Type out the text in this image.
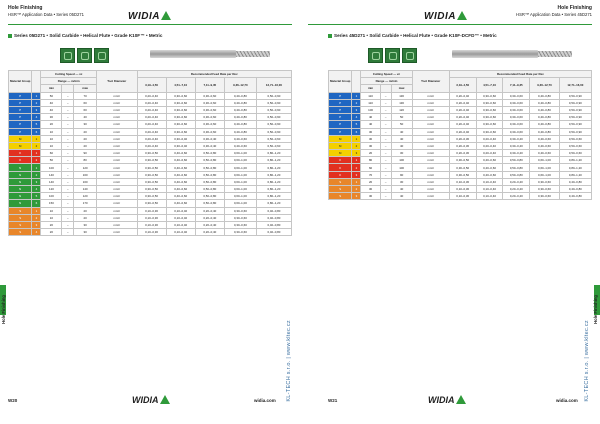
Hole Finishing
HSR™ Application Data • Series 05D271	WIDIA
Series 05D271 • Solid Carbide • Helical Flute • Grade K10F™ • Metric
Material Group		Cutting Speed — vc			Tool Diameter	Recommended Feed Rate per Rev				
		Range — m/min				3,19–4,50	4,51–7,10	7,11–9,35	9,36–12,70	12,71–16,00
		min		max						
P	1	50	–	70	mm/r	0,20–0,40	0,30–0,60	0,30–0,60	0,40–0,80	0,50–0,90
P	2	40	–	60	mm/r	0,20–0,40	0,30–0,60	0,30–0,60	0,40–0,80	0,50–0,90
P	3	40	–	60	mm/r	0,20–0,40	0,30–0,60	0,30–0,60	0,40–0,80	0,50–0,90
P	4	30	–	40	mm/r	0,20–0,40	0,30–0,60	0,30–0,60	0,40–0,80	0,50–0,90
P	5	20	–	30	mm/r	0,20–0,40	0,30–0,60	0,30–0,60	0,40–0,80	0,50–0,90
P	6	10	–	20	mm/r	0,20–0,40	0,30–0,60	0,30–0,60	0,40–0,80	0,50–0,90
M	1	10	–	20	mm/r	0,20–0,40	0,30–0,40	0,30–0,40	0,40–0,60	0,50–0,60
M	2	10	–	20	mm/r	0,20–0,40	0,30–0,40	0,30–0,40	0,40–0,60	0,50–0,60
K	1	60	–	90	mm/r	0,30–0,50	0,40–0,60	0,50–0,80	0,60–1,00	0,80–1,20
K	2	50	–	80	mm/r	0,30–0,50	0,40–0,60	0,50–0,80	0,60–1,00	0,80–1,20
N	1	100	–	120	mm/r	0,30–0,50	0,40–0,60	0,50–0,80	0,60–1,00	0,80–1,20
N	2	140	–	160	mm/r	0,30–0,50	0,40–0,60	0,50–0,80	0,60–1,00	0,80–1,20
N	3	140	–	160	mm/r	0,30–0,50	0,40–0,60	0,50–0,80	0,60–1,00	0,80–1,20
N	4	120	–	140	mm/r	0,30–0,50	0,40–0,60	0,50–0,80	0,60–1,00	0,80–1,20
N	5	100	–	120	mm/r	0,30–0,50	0,40–0,60	0,50–0,80	0,60–1,00	0,80–1,20
N	6	150	–	170	mm/r	0,30–0,50	0,40–0,60	0,50–0,80	0,60–1,00	0,80–1,20
S	1	10	–	20	mm/r	0,10–0,30	0,10–0,40	0,20–0,40	0,30–0,60	0,40–0,80
S	2	10	–	20	mm/r	0,10–0,30	0,10–0,40	0,20–0,40	0,30–0,60	0,40–0,80
S	3	20	–	30	mm/r	0,10–0,30	0,10–0,40	0,20–0,40	0,30–0,60	0,40–0,80
S	4	20	–	30	mm/r	0,10–0,30	0,10–0,40	0,20–0,40	0,30–0,60	0,40–0,80
Hole Finishing
W20	WIDIA	widia.com
Hole Finishing
HSR™ Application Data • Series 45D271
WIDIA
Series 45D271 • Solid Carbide • Helical Flute • Grade K10F-DCFD™ • Metric
Material Group		Cutting Speed — vc			Tool Diameter	Recommended Feed Rate per Rev				
		Range — m/min				3,19–4,50	4,51–7,10	7,11–9,35	9,36–12,70	12,71–16,00
		min		max						
P	1	110	–	130	mm/r	0,20–0,40	0,30–0,60	0,30–0,60	0,40–0,80	0,50–0,90
P	2	110	–	130	mm/r	0,20–0,40	0,30–0,60	0,30–0,60	0,40–0,80	0,50–0,90
P	3	100	–	120	mm/r	0,20–0,40	0,30–0,60	0,30–0,60	0,40–0,80	0,50–0,90
P	4	40	–	50	mm/r	0,20–0,40	0,30–0,60	0,30–0,60	0,40–0,80	0,50–0,90
P	5	40	–	50	mm/r	0,20–0,40	0,30–0,60	0,30–0,60	0,40–0,80	0,50–0,90
P	6	30	–	40	mm/r	0,20–0,40	0,30–0,60	0,30–0,60	0,40–0,80	0,50–0,90
M	1	30	–	40	mm/r	0,20–0,30	0,20–0,40	0,30–0,40	0,40–0,60	0,50–0,60
M	2	30	–	40	mm/r	0,20–0,30	0,20–0,40	0,30–0,40	0,40–0,60	0,50–0,60
M	3	20	–	30	mm/r	0,20–0,30	0,20–0,40	0,30–0,40	0,40–0,60	0,50–0,60
K	1	80	–	100	mm/r	0,30–0,50	0,40–0,60	0,50–0,80	0,60–1,00	0,80–1,20
K	2	60	–	100	mm/r	0,30–0,50	0,40–0,60	0,50–0,80	0,60–1,00	0,80–1,20
K	3	70	–	90	mm/r	0,30–0,50	0,40–0,60	0,50–0,80	0,60–1,00	0,80–1,20
S	1	20	–	30	mm/r	0,10–0,30	0,10–0,40	0,20–0,40	0,30–0,60	0,40–0,80
S	2	30	–	40	mm/r	0,10–0,30	0,10–0,40	0,20–0,40	0,30–0,60	0,40–0,80
S	3	30	–	40	mm/r	0,10–0,30	0,10–0,40	0,20–0,40	0,30–0,60	0,40–0,80
Hole Finishing
W21	WIDIA	widia.com
KL-TECH s.r.o. | www.kltec.cz	KL-TECH s.r.o. | www.kltec.cz
